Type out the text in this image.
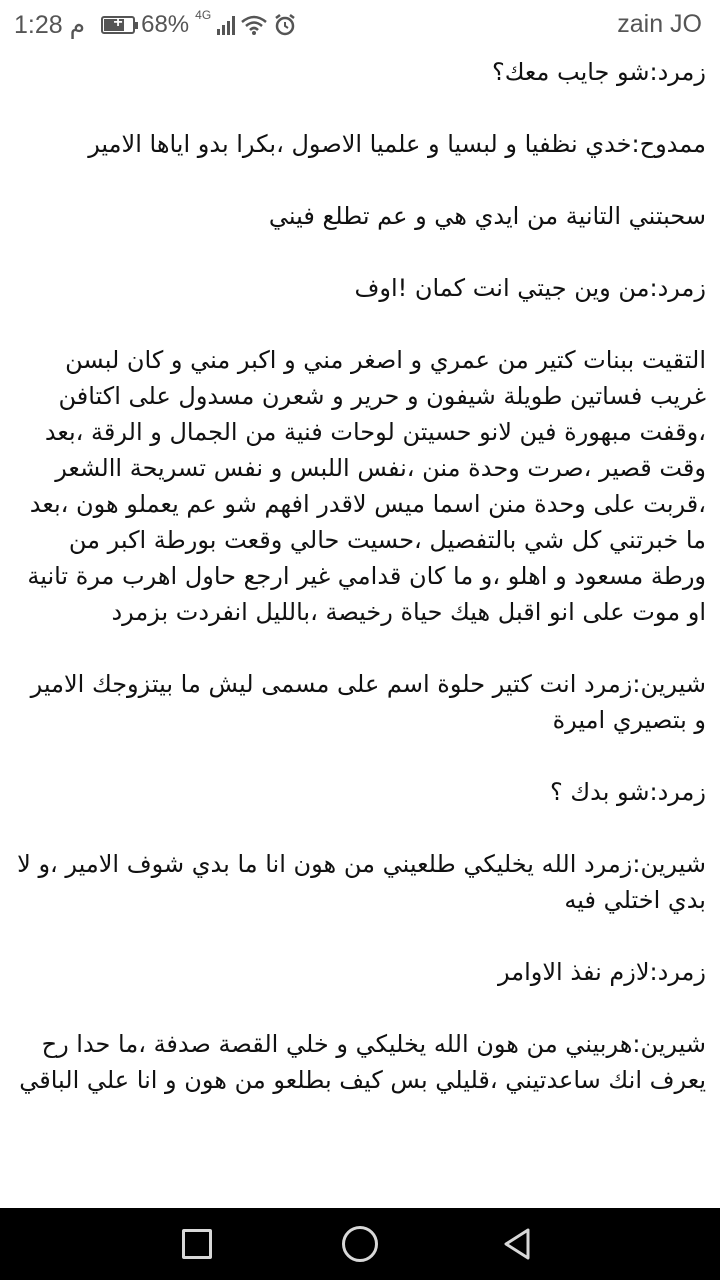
1:28 م	+ 68% 4G	zain JO

زمرد:شو جايب معك؟

ممدوح:خدي نظفيا و لبسيا و علميا الاصول ،بكرا بدو اياها الامير

سحبتني التانية من ايدي هي و عم تطلع فيني

زمرد:من وين جيتي انت كمان !اوف

التقيت ببنات كتير من عمري و اصغر مني و اكبر مني و كان لبسن غريب فساتين طويلة شيفون و حرير و شعرن مسدول على اكتافن ،وقفت مبهورة فين لانو حسيتن لوحات فنية من الجمال و الرقة ،بعد وقت قصير ،صرت وحدة منن ،نفس اللبس و نفس تسريحة االشعر ،قربت على وحدة منن اسما ميس لاقدر افهم شو عم يعملو هون ،بعد ما خبرتني كل شي بالتفصيل ،حسيت حالي وقعت بورطة اكبر من ورطة مسعود و اهلو ،و ما كان قدامي غير ارجع حاول اهرب مرة تانية او موت على انو اقبل هيك حياة رخيصة ،بالليل انفردت بزمرد

شيرين:زمرد انت كتير حلوة اسم على مسمى ليش ما بيتزوجك الامير و بتصيري اميرة

زمرد:شو بدك ؟

شيرين:زمرد الله يخليكي طلعيني من هون انا ما بدي شوف الامير ،و لا بدي اختلي فيه

زمرد:لازم نفذ الاوامر

شيرين:هربيني من هون الله يخليكي و خلي القصة صدفة ،ما حدا رح يعرف انك ساعدتيني ،قليلي بس كيف بطلعو من هون و انا علي الباقي
